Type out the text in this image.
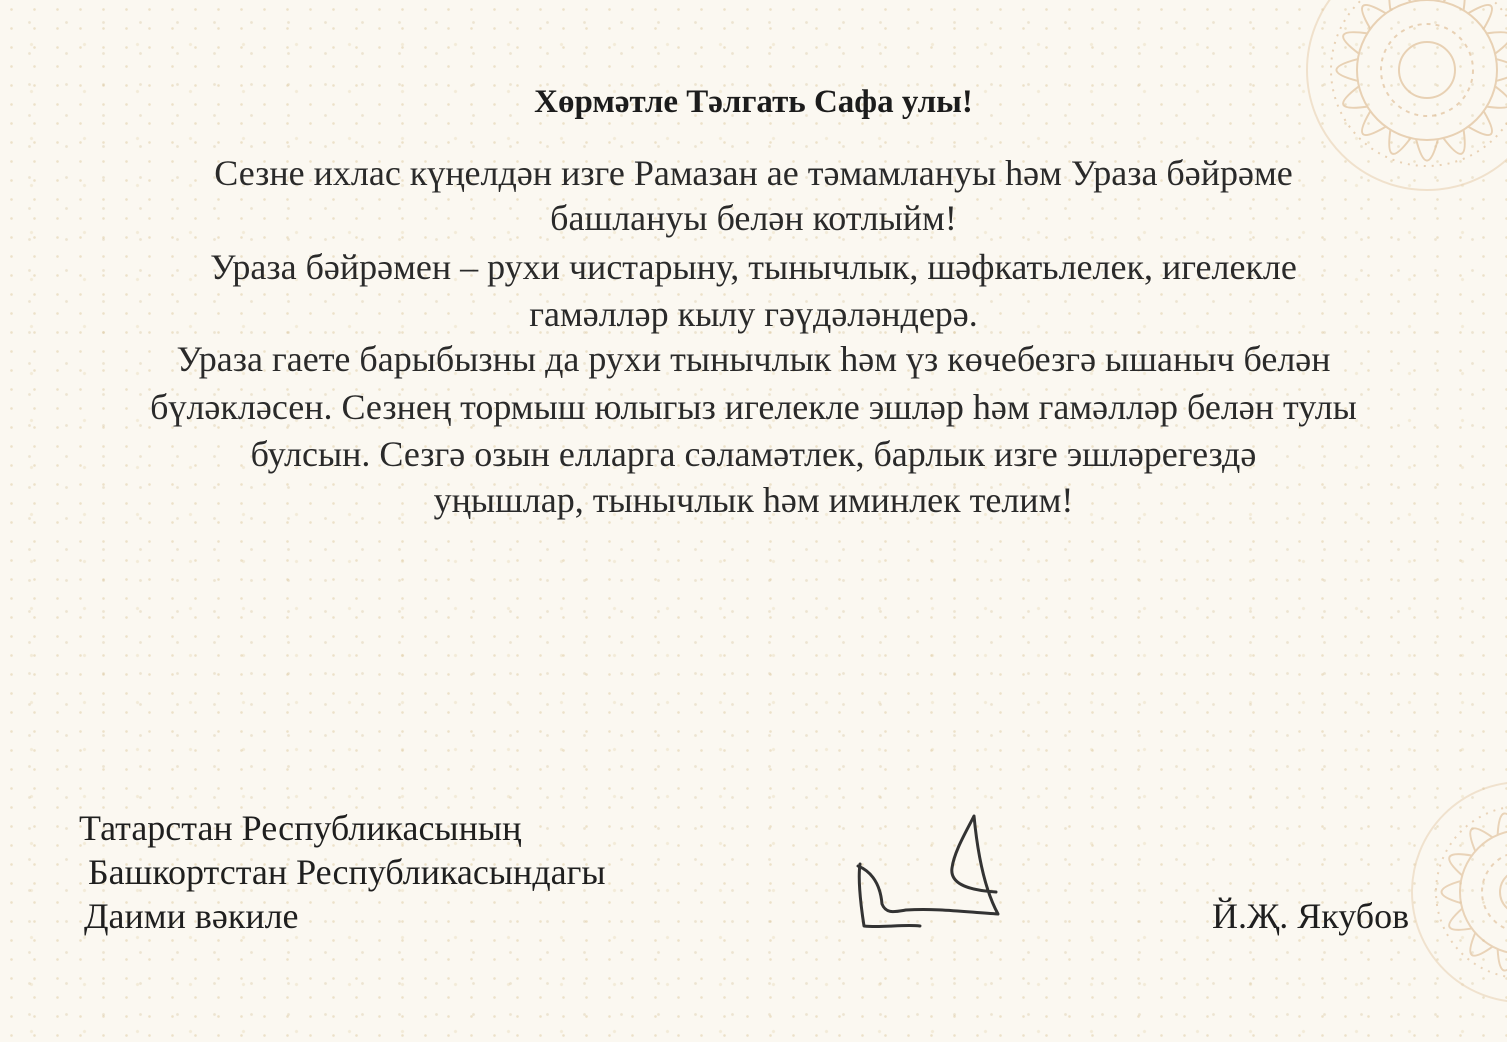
Хөрмәтле Тәлгать Сафа улы!

Сезне ихлас күңелдән изге Рамазан ае тәмамлануы һәм Ураза бәйрәме

башлануы белән котлыйм!

Ураза бәйрәмен – рухи чистарыну, тынычлык, шәфкатьлелек, игелекле

гамәлләр кылу гәүдәләндерә.

Ураза гаете барыбызны да рухи тынычлык һәм үз көчебезгә ышаныч белән

бүләкләсен. Сезнең тормыш юлыгыз игелекле эшләр һәм гамәлләр белән тулы

булсын. Сезгә озын елларга сәламәтлек, барлык изге эшләрегездә

уңышлар, тынычлык һәм иминлек телим!

Татарстан Республикасының

Башкортстан Республикасындагы

Даими вәкиле	Й.Җ. Якубов
